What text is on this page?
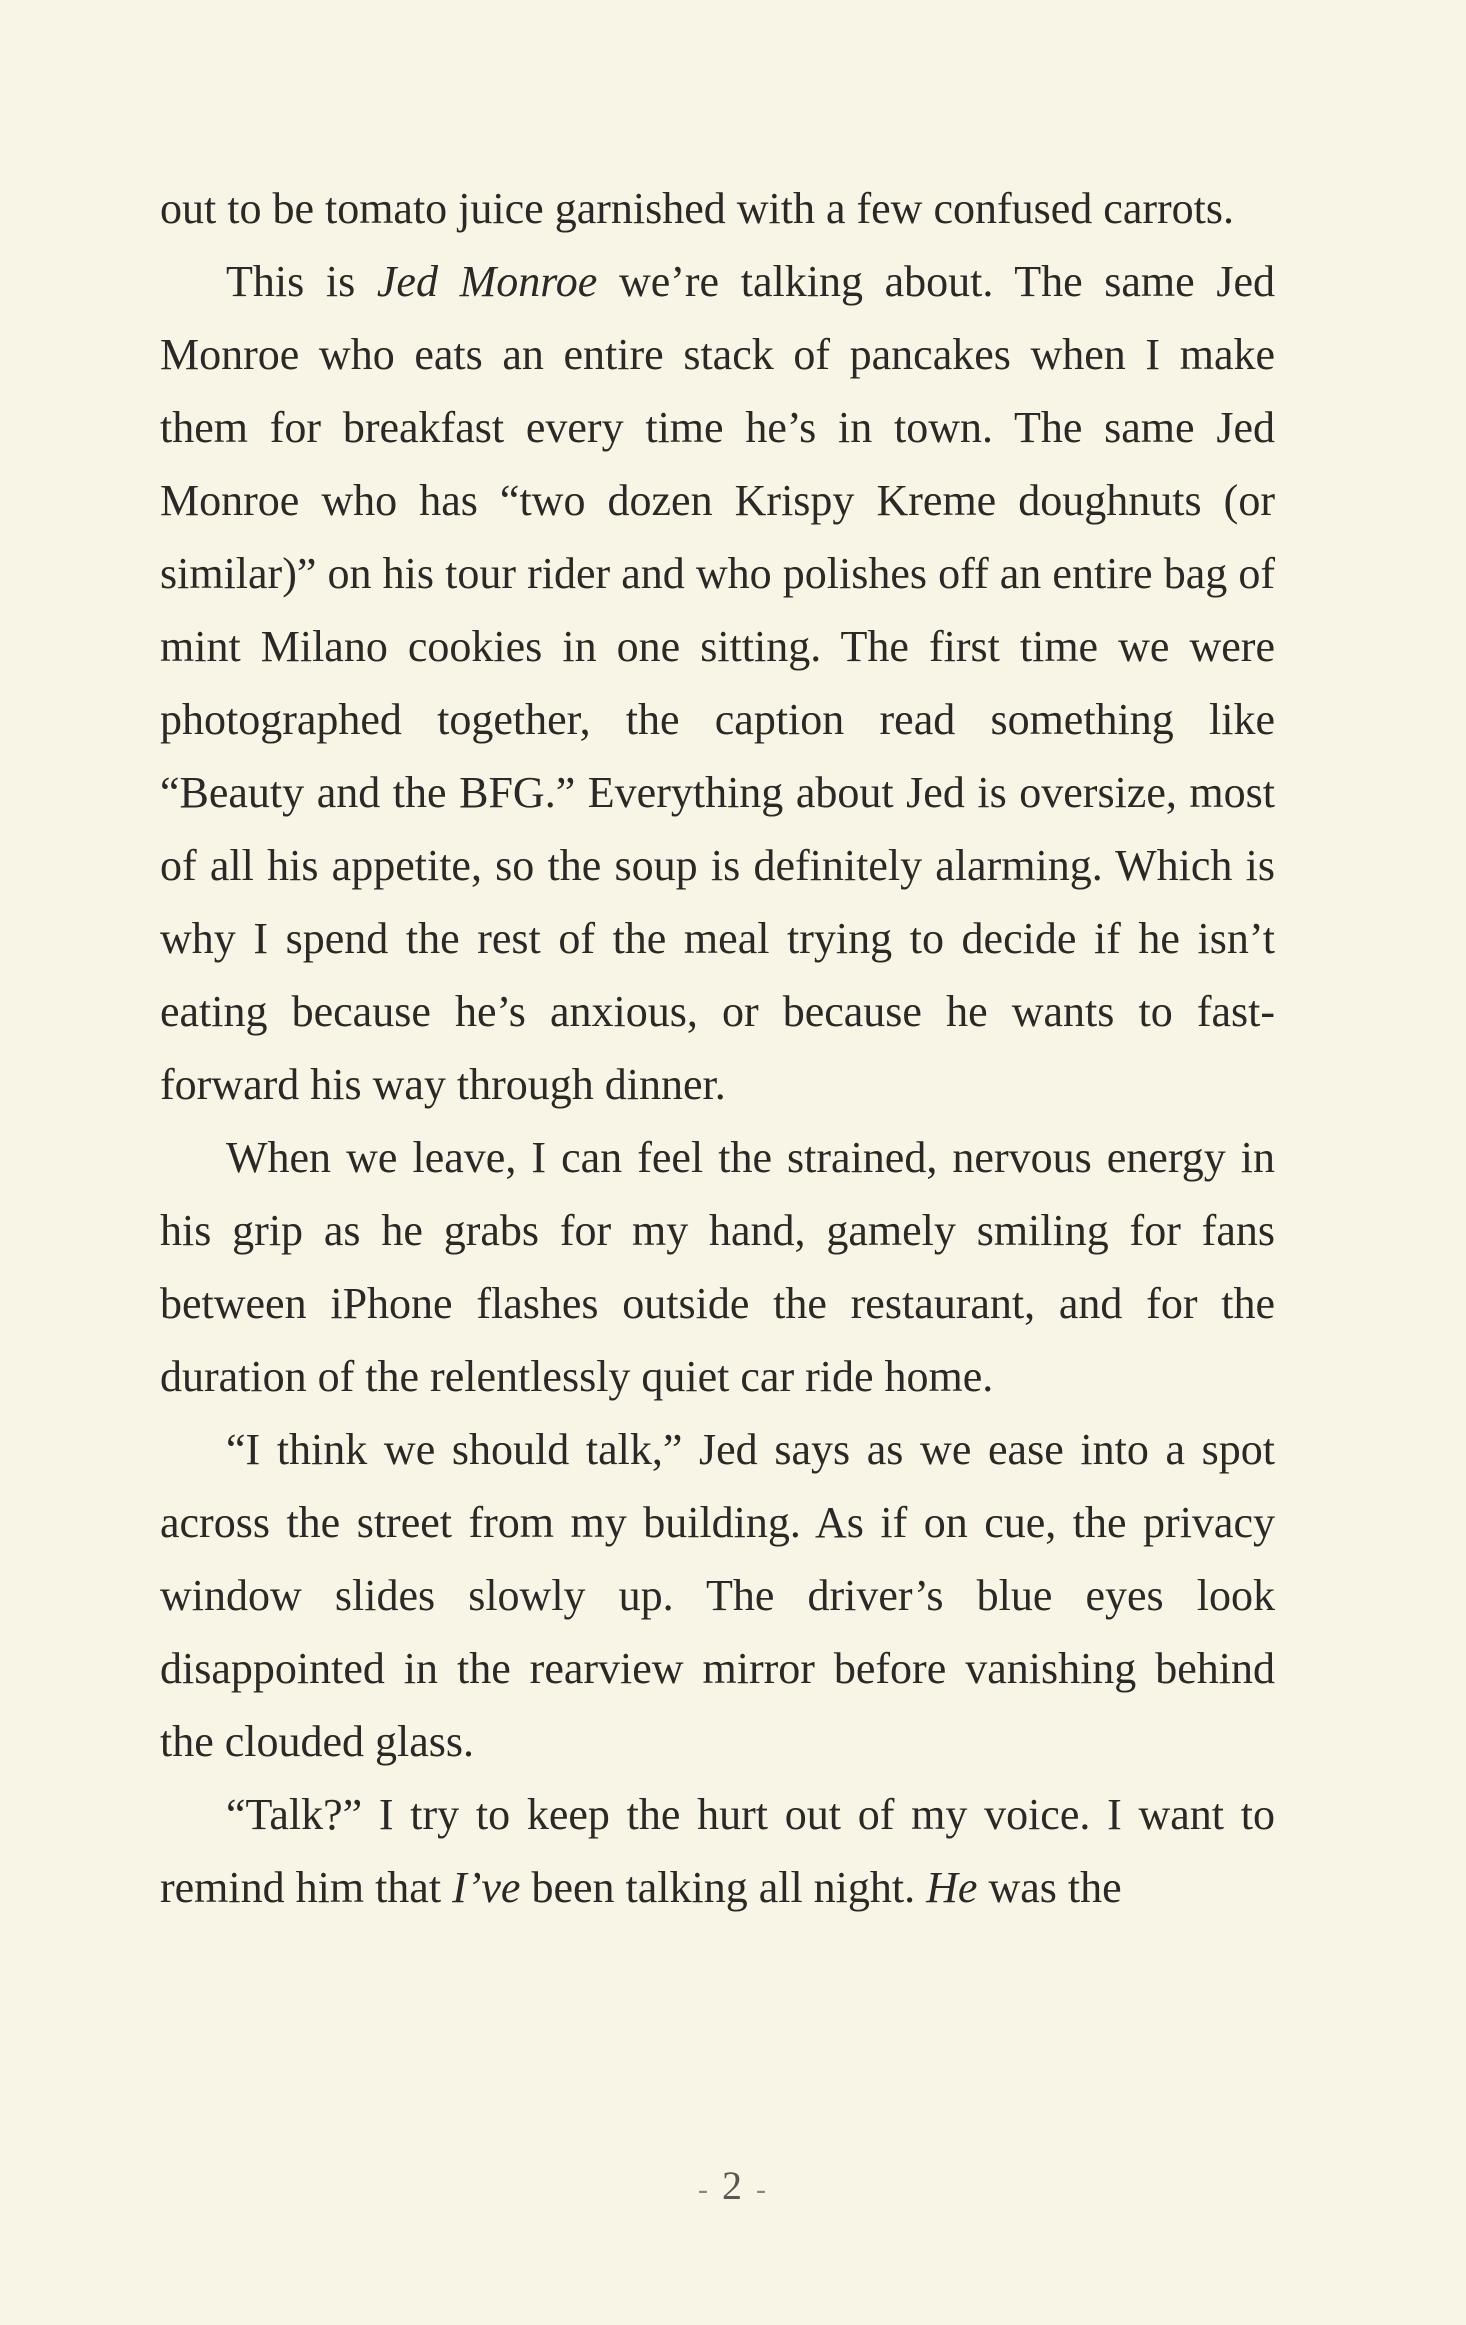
out to be tomato juice garnished with a few confused carrots.

This is Jed Monroe we’re talking about. The same Jed Monroe who eats an entire stack of pancakes when I make them for breakfast every time he’s in town. The same Jed Monroe who has “two dozen Krispy Kreme doughnuts (or similar)” on his tour rider and who polishes off an entire bag of mint Milano cookies in one sitting. The first time we were photographed together, the caption read something like “Beauty and the BFG.” Everything about Jed is oversize, most of all his appetite, so the soup is definitely alarming. Which is why I spend the rest of the meal trying to decide if he isn’t eating because he’s anxious, or because he wants to fast-forward his way through dinner.

When we leave, I can feel the strained, nervous energy in his grip as he grabs for my hand, gamely smiling for fans between iPhone flashes outside the restaurant, and for the duration of the relentlessly quiet car ride home.

“I think we should talk,” Jed says as we ease into a spot across the street from my building. As if on cue, the privacy window slides slowly up. The driver’s blue eyes look disappointed in the rearview mirror before vanishing behind the clouded glass.

“Talk?” I try to keep the hurt out of my voice. I want to remind him that I’ve been talking all night. He was the

- 2 -
